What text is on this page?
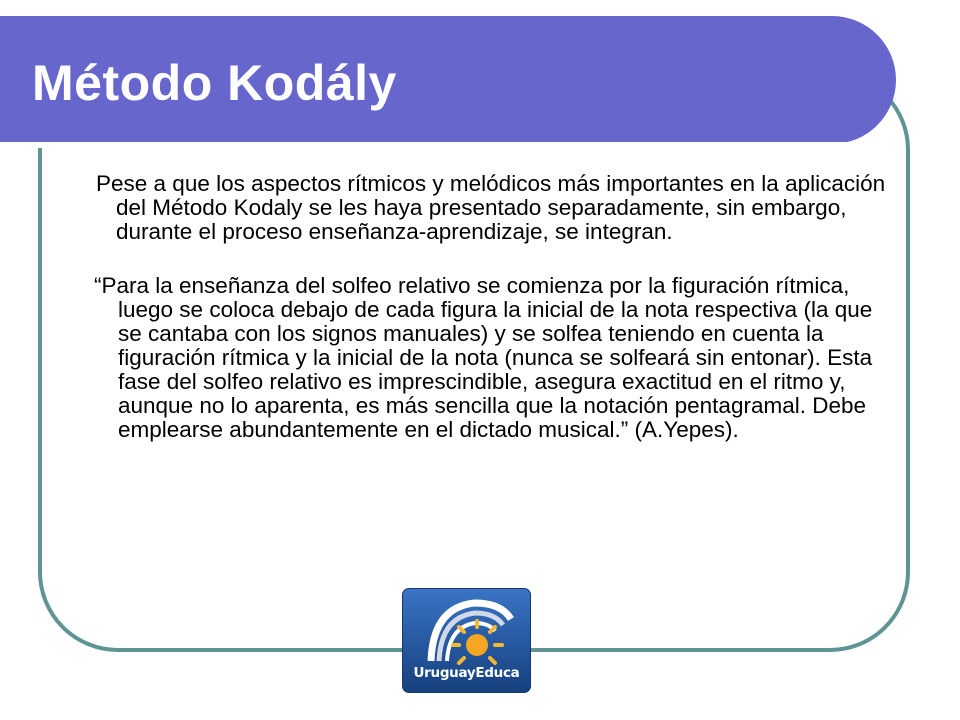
Método Kodály

Pese a que los aspectos rítmicos y melódicos más importantes en la aplicación del Método Kodaly se les haya presentado separadamente, sin embargo, durante el proceso enseñanza-aprendizaje, se integran.

“Para la enseñanza del solfeo relativo se comienza por la figuración rítmica, luego se coloca debajo de cada figura la inicial de la nota respectiva (la que se cantaba con los signos manuales) y se solfea teniendo en cuenta la figuración rítmica y la inicial de la nota (nunca se solfeará sin entonar). Esta fase del solfeo relativo es imprescindible, asegura exactitud en el ritmo y, aunque no lo aparenta, es más sencilla que la notación pentagramal. Debe emplearse abundantemente en el dictado musical.” (A.Yepes).

UruguayEduca
